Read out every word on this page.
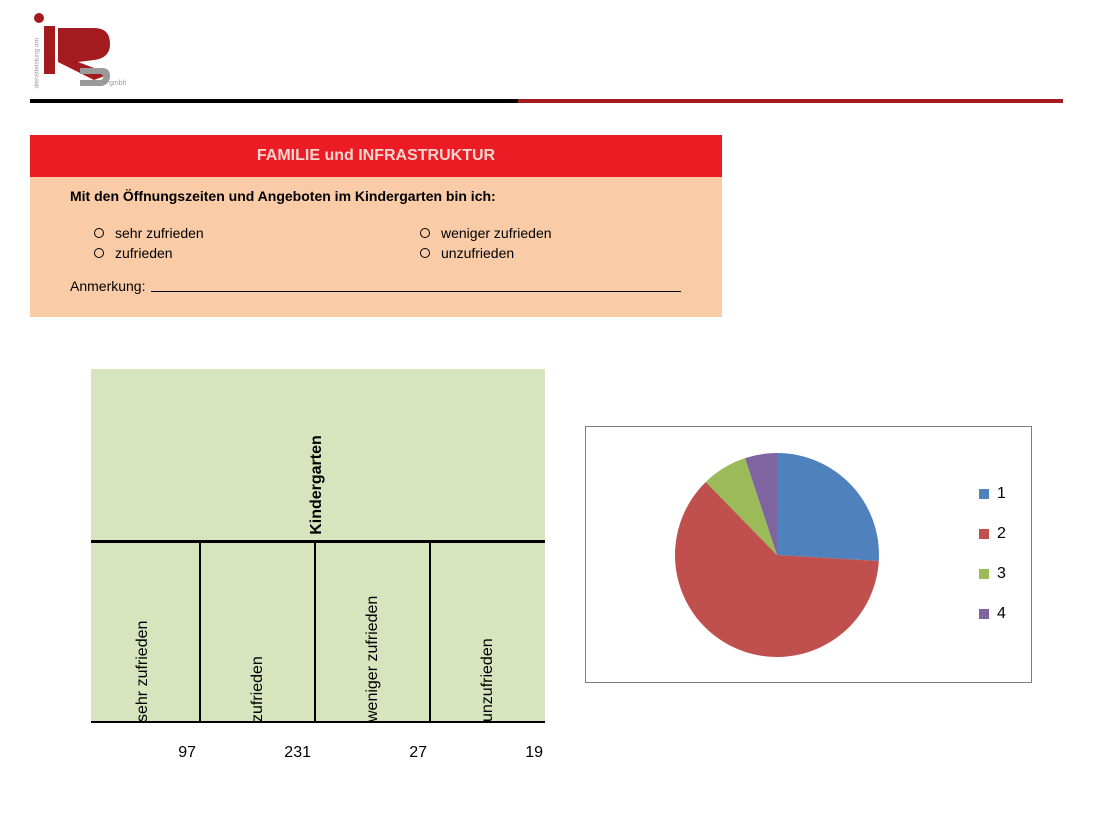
dienstleistung am	gmbh
FAMILIE und INFRASTRUKTUR
Mit den Öffnungszeiten und Angeboten im Kindergarten bin ich:
sehr zufrieden
zufrieden
weniger zufrieden
unzufrieden
Anmerkung:
Kindergarten
sehr zufrieden	zufrieden	weniger zufrieden	unzufrieden
97	231	27	19
1
2
3
4
